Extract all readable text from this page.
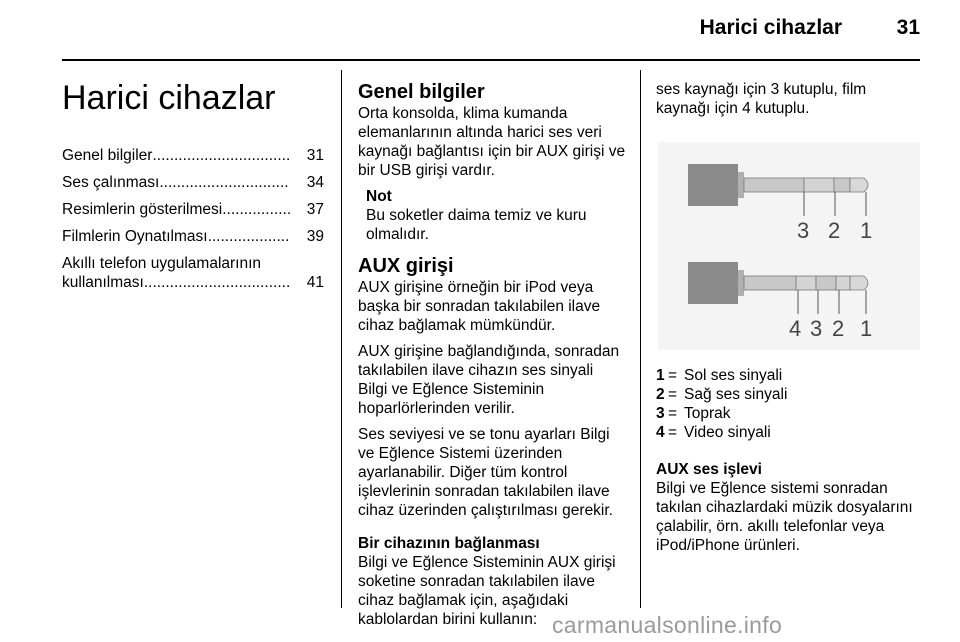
Harici cihazlar	31
Harici cihazlar
Genel bilgiler ................................	31
Ses çalınması ..............................	34
Resimlerin gösterilmesi ................	37
Filmlerin Oynatılması ...................	39
Akıllı telefon uygulamalarının
kullanılması ..................................	41
Genel bilgiler

Orta konsolda, klima kumanda elemanlarının altında harici ses veri kaynağı bağlantısı için bir AUX girişi ve bir USB girişi vardır.

Not
Bu soketler daima temiz ve kuru olmalıdır.
AUX girişi

AUX girişine örneğin bir iPod veya başka bir sonradan takılabilen ilave cihaz bağlamak mümkündür.

AUX girişine bağlandığında, sonradan takılabilen ilave cihazın ses sinyali Bilgi ve Eğlence Sisteminin hoparlörlerinden verilir.

Ses seviyesi ve se tonu ayarları Bilgi ve Eğlence Sistemi üzerinden ayarlanabilir. Diğer tüm kontrol işlevlerinin sonradan takılabilen ilave cihaz üzerinden çalıştırılması gerekir.

Bir cihazının bağlanması

Bilgi ve Eğlence Sisteminin AUX girişi soketine sonradan takılabilen ilave cihaz bağlamak için, aşağıdaki kablolardan birini kullanın:

ses kaynağı için 3 kutuplu, film kaynağı için 4 kutuplu.

3 2 1
4 3 2 1
1 = Sol ses sinyali
2 = Sağ ses sinyali
3 = Toprak
4 = Video sinyali
AUX ses işlevi

Bilgi ve Eğlence sistemi sonradan takılan cihazlardaki müzik dosyalarını çalabilir, örn. akıllı telefonlar veya iPod/iPhone ürünleri.

carmanualsonline.info
